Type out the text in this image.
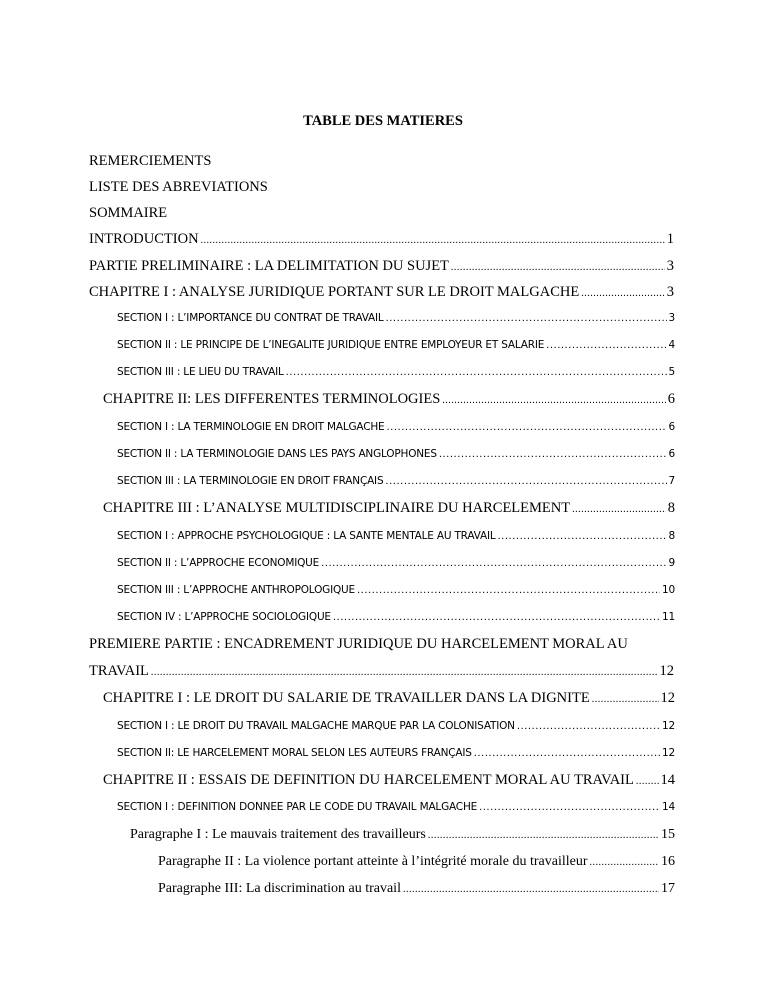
TABLE DES MATIERES
REMERCIEMENTS
LISTE DES ABREVIATIONS
SOMMAIRE
INTRODUCTION .....	1
PARTIE PRELIMINAIRE : LA DELIMITATION DU SUJET .....	3
CHAPITRE I : ANALYSE JURIDIQUE PORTANT SUR LE DROIT MALGACHE .....	3
SECTION I : L’IMPORTANCE DU CONTRAT DE TRAVAIL .....	3
SECTION II : LE PRINCIPE DE L’INEGALITE JURIDIQUE ENTRE EMPLOYEUR ET SALARIE .....	4
SECTION III : LE LIEU DU TRAVAIL .....	5
CHAPITRE II: LES DIFFERENTES TERMINOLOGIES .....	6
SECTION I : LA TERMINOLOGIE EN DROIT MALGACHE .....	6
SECTION II : LA TERMINOLOGIE DANS LES PAYS ANGLOPHONES .....	6
SECTION III : LA TERMINOLOGIE EN DROIT FRANÇAIS .....	7
CHAPITRE III : L’ANALYSE MULTIDISCIPLINAIRE DU HARCELEMENT .....	8
SECTION I : APPROCHE PSYCHOLOGIQUE : LA SANTE MENTALE AU TRAVAIL .....	8
SECTION II : L’APPROCHE ECONOMIQUE .....	9
SECTION III : L’APPROCHE ANTHROPOLOGIQUE .....	10
SECTION IV : L’APPROCHE SOCIOLOGIQUE .....	11
PREMIERE PARTIE : ENCADREMENT JURIDIQUE DU HARCELEMENT MORAL AU
TRAVAIL .....	12
CHAPITRE I : LE DROIT DU SALARIE DE TRAVAILLER DANS LA DIGNITE .....	12
SECTION I : LE DROIT DU TRAVAIL MALGACHE MARQUE PAR LA COLONISATION .....	12
SECTION II: LE HARCELEMENT MORAL SELON LES AUTEURS FRANÇAIS .....	12
CHAPITRE II : ESSAIS DE DEFINITION DU HARCELEMENT MORAL AU TRAVAIL ..... 14
SECTION I : DEFINITION DONNEE PAR LE CODE DU TRAVAIL MALGACHE .....	14
Paragraphe I : Le mauvais traitement des travailleurs .....	15
Paragraphe II : La violence portant atteinte à l’intégrité morale du travailleur .....	16
Paragraphe III: La discrimination au travail .....	17
